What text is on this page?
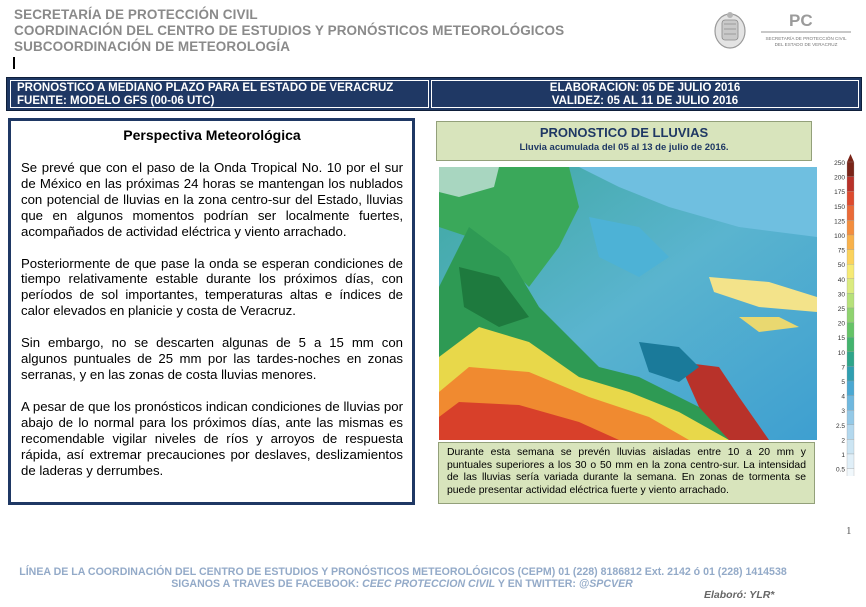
SECRETARÍA DE PROTECCIÓN CIVIL
COORDINACIÓN DEL CENTRO DE ESTUDIOS Y PRONÓSTICOS METEOROLÓGICOS
SUBCOORDINACIÓN DE METEOROLOGÍA
PC
SECRETARÍA DE PROTECCIÓN CIVIL
DEL ESTADO DE VERACRUZ
PRONOSTICO A MEDIANO PLAZO PARA EL ESTADO DE VERACRUZ
FUENTE: MODELO GFS (00-06 UTC)
ELABORACION: 05 DE JULIO 2016
VALIDEZ: 05 AL 11 DE JULIO 2016
Perspectiva Meteorológica

Se prevé que con el paso de la Onda Tropical No. 10 por el sur de México en las próximas 24 horas se mantengan los nublados con potencial de lluvias en la zona centro-sur del Estado, lluvias que en algunos momentos podrían ser localmente fuertes, acompañados de actividad eléctrica y viento arrachado.

Posteriormente de que pase la onda se esperan condiciones de tiempo relativamente estable durante los próximos días, con períodos de sol importantes, temperaturas altas e índices de calor elevados en planicie y costa de Veracruz.

Sin embargo, no se descarten algunas de 5 a 15 mm con algunos puntuales de 25 mm por las tardes-noches en zonas serranas, y en las zonas de costa lluvias menores.

A pesar de que los pronósticos indican condiciones de lluvias por abajo de lo normal para los próximos días, ante las mismas es recomendable vigilar niveles de ríos y arroyos de respuesta rápida, así extremar precauciones por deslaves, deslizamientos de laderas y derrumbes.

PRONOSTICO DE LLUVIAS
Lluvia acumulada del 05 al 13 de julio de 2016.
Durante esta semana se prevén lluvias aisladas entre 10 a 20 mm y puntuales superiores a los 30 o 50 mm en la zona centro-sur. La intensidad de las lluvias sería variada durante la semana. En zonas de tormenta se puede presentar actividad eléctrica fuerte y viento arrachado.
250
200
175
150
125
100
75
50
40
30
25
20
15
10
7
5
4
3
2.5
2
1
0.5
1
LÍNEA DE LA COORDINACIÓN DEL CENTRO DE ESTUDIOS Y PRONÓSTICOS METEOROLÓGICOS (CEPM) 01 (228) 8186812 Ext. 2142 ó 01 (228) 1414538
SIGANOS A TRAVES DE FACEBOOK: CEEC PROTECCION CIVIL Y EN TWITTER: @SPCVER
Elaboró: YLR*
